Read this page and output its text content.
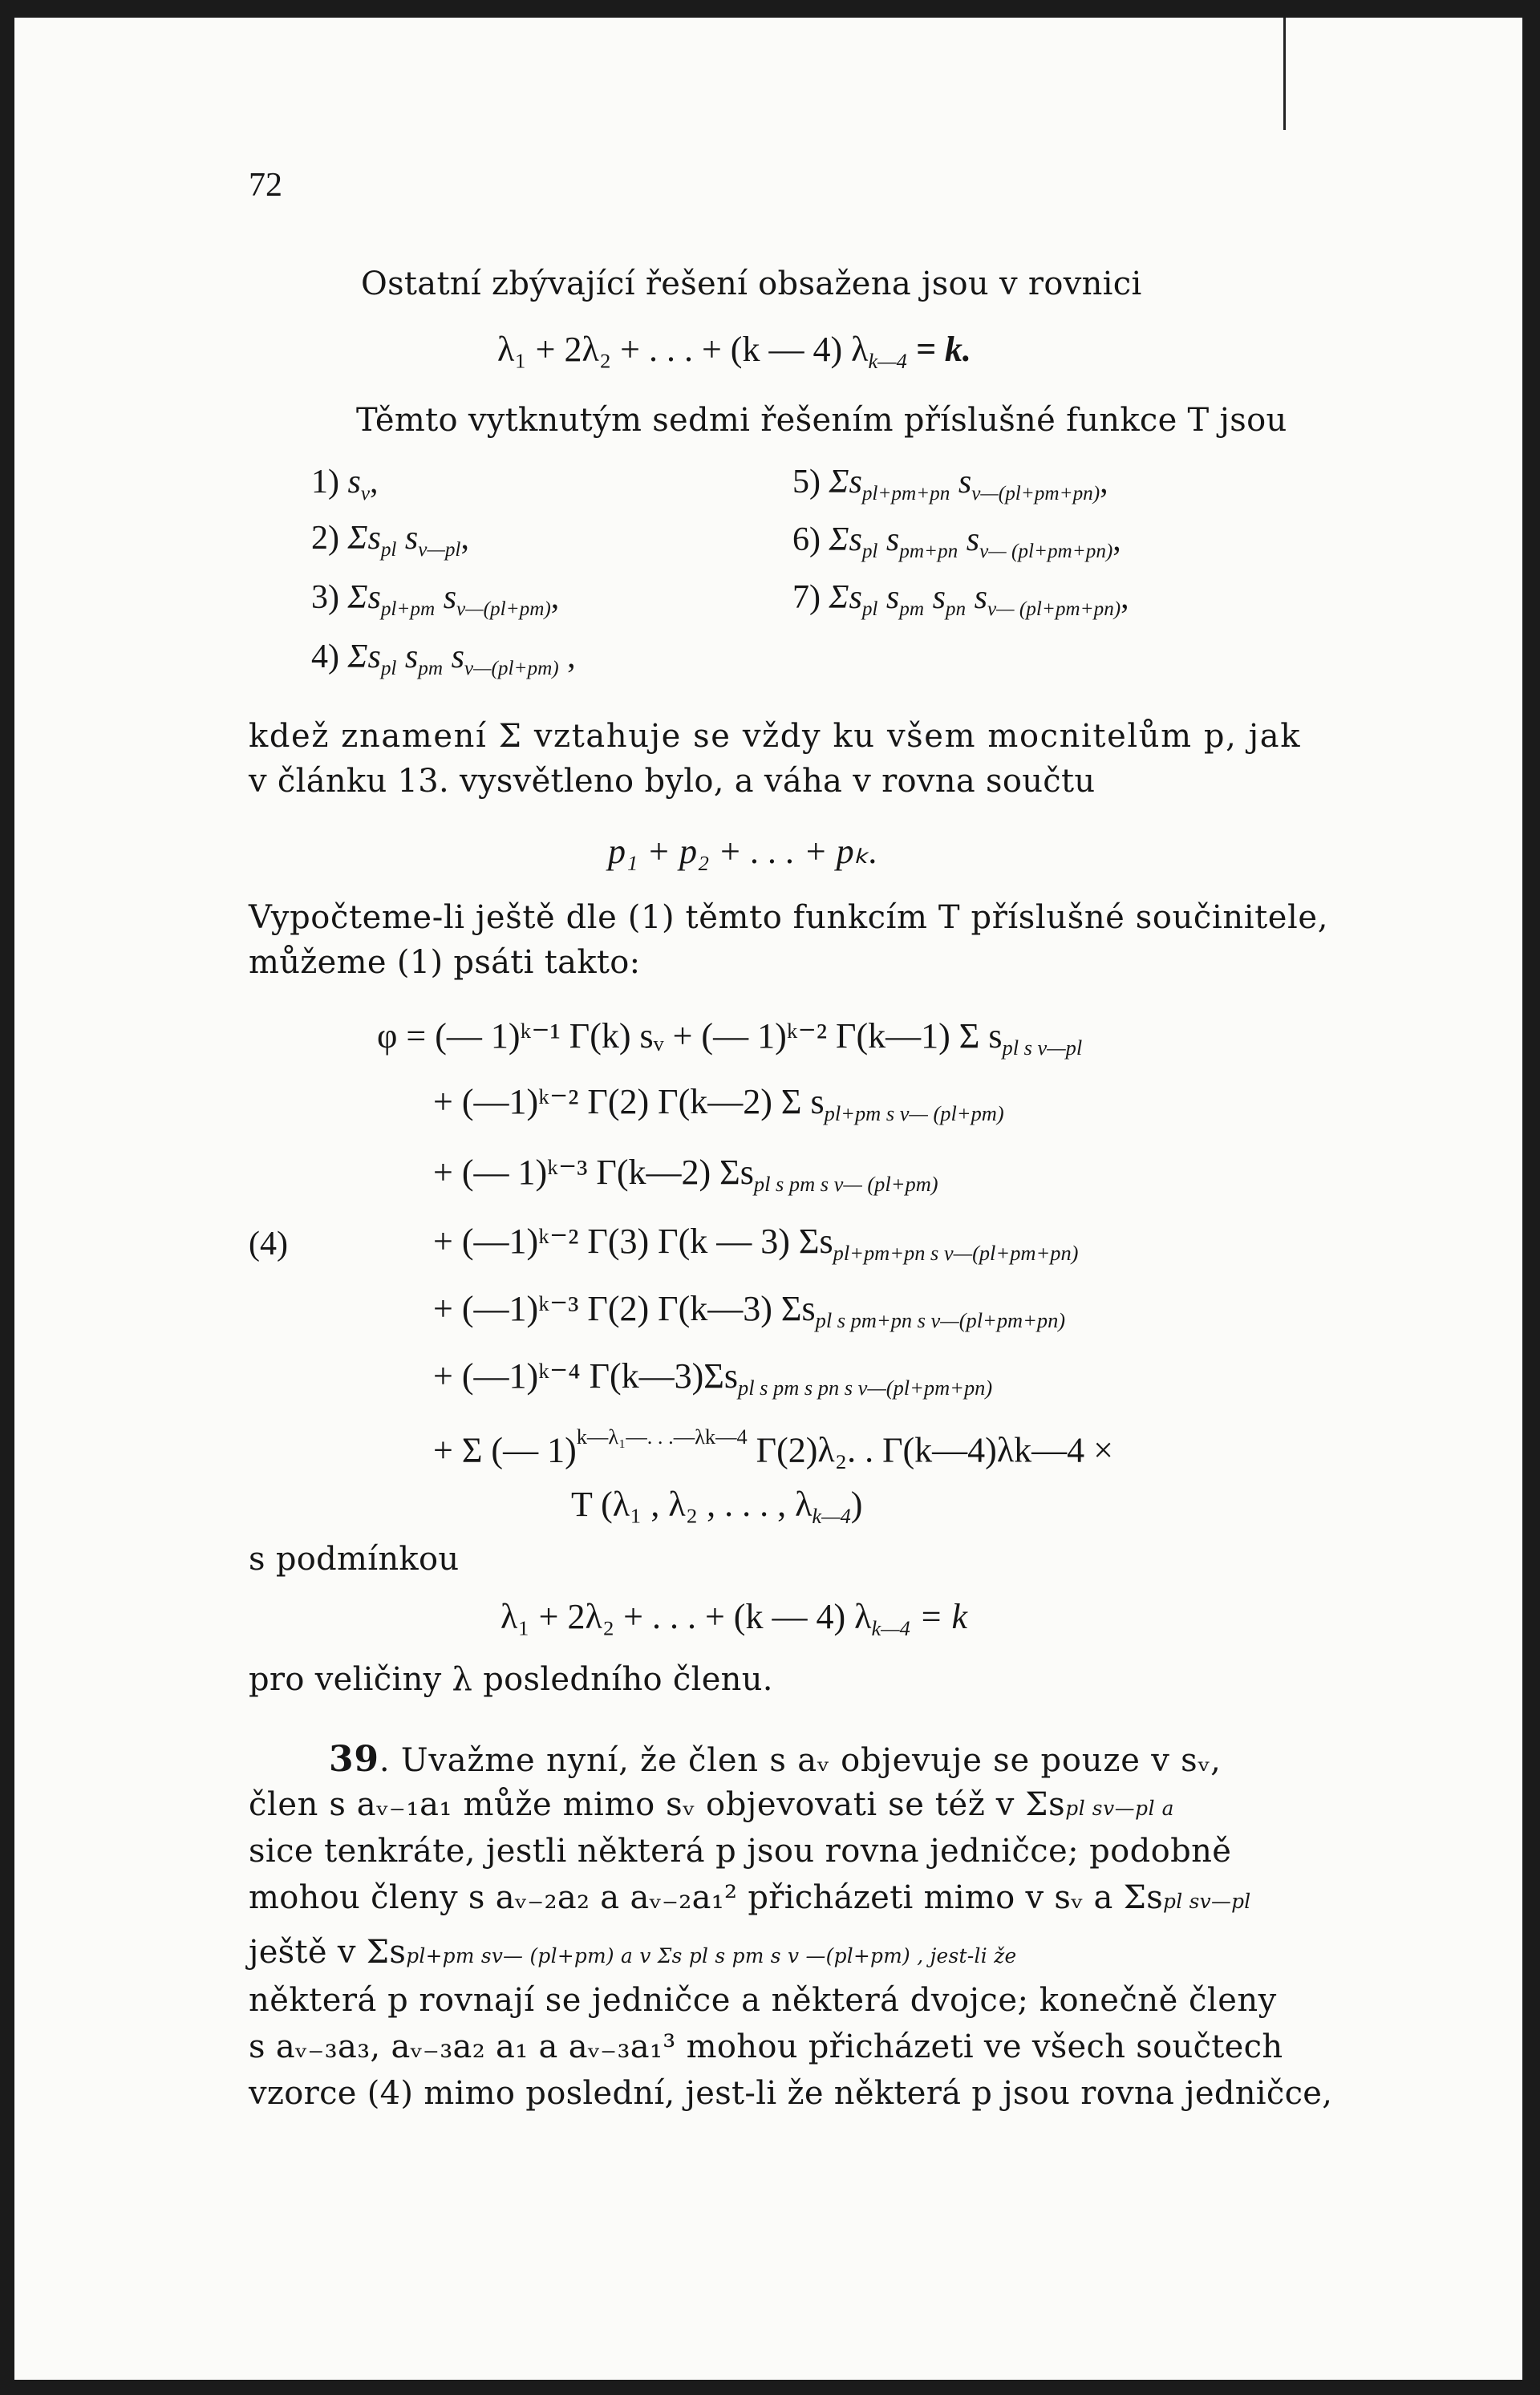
72
Ostatní zbývající řešení obsažena jsou v rovnici
λ₁ + 2λ₂ + . . . + (k — 4) $\lambda_{k—4} = k$.
Těmto vytknutým sedmi řešením příslušné funkce T jsou
1) $s_v$,
2) $\Sigma s_{pl}$ $s_{v—pl}$,
3) $\Sigma s_{pl+pm}$ $s_{v—(pl+pm)}$,
4) $\Sigma s_{pl}$ $s_{pm}$ $s_{v—(pl+pm)}$ ,
5) $\Sigma s_{pl+pm+pn}$ $s_{v—(pl+pm+pn)}$,
6) $\Sigma s_{pl}$ $s_{pm+pn}$ $s_{v— (pl+pm+pn)}$,
7) $\Sigma s_{pl}$ $s_{pm}$ $s_{pn}$ $s_{v— (pl+pm+pn)}$,
kdež znamení Σ vztahuje se vždy ku všem mocnitelům p, jak
v článku 13. vysvětleno bylo, a váha v rovna součtu
p₁ + p₂ + . . . + pₖ.
Vypočteme-li ještě dle (1) těmto funkcím T příslušné součinitele,
můžeme (1) psáti takto:
(4)
φ = (— 1)ᵏ⁻¹ Γ(k) sᵥ + (— 1)ᵏ⁻² Γ(k—1) Σ $s_{pl s v—pl}$
+ (—1)ᵏ⁻² Γ(2) Γ(k—2) Σ $s_{pl+pm s v— (pl+pm)}$
+ (— 1)ᵏ⁻³ Γ(k—2) $\Sigma s_{pl s pm s v— (pl+pm)}$
+ (—1)ᵏ⁻² Γ(3) Γ(k — 3) $\Sigma s_{pl+pm+pn s v—(pl+pm+pn)}$
+ (—1)ᵏ⁻³ Γ(2) Γ(k—3) $\Sigma s_{pl s pm+pn s v—(pl+pm+pn)}$
+ (—1)ᵏ⁻⁴ $\Gamma(k—3)\Sigma s_{pl s pm s pn s v—(pl+pm+pn)}$
+ Σ (— 1)$^{k—\lambda_1—. . .—\lambda k—4}$ Γ(2)λ₂. . Γ(k—4)λk—4 ×
T (λ₁ , λ₂ , . . . , $\lambda_{k—4}$)
s podmínkou
λ₁ + 2λ₂ + . . . + (k — 4) $\lambda_{k—4} = k$
pro veličiny λ posledního členu.
39. Uvažme nyní, že člen s aᵥ objevuje se pouze v sᵥ,
člen s aᵥ₋₁a₁ může mimo sᵥ objevovati se též v Σspl sv—pl a
sice tenkráte, jestli některá p jsou rovna jedničce; podobně
mohou členy s aᵥ₋₂a₂ a aᵥ₋₂a₁² přicházeti mimo v sᵥ a Σspl sv—pl
ještě v Σspl+pm sv— (pl+pm) a v Σs pl s pm s v —(pl+pm) , jest-li že
některá p rovnají se jedničce a některá dvojce; konečně členy
s aᵥ₋₃a₃, aᵥ₋₃a₂ a₁ a aᵥ₋₃a₁³ mohou přicházeti ve všech součtech
vzorce (4) mimo poslední, jest-li že některá p jsou rovna jedničce,
